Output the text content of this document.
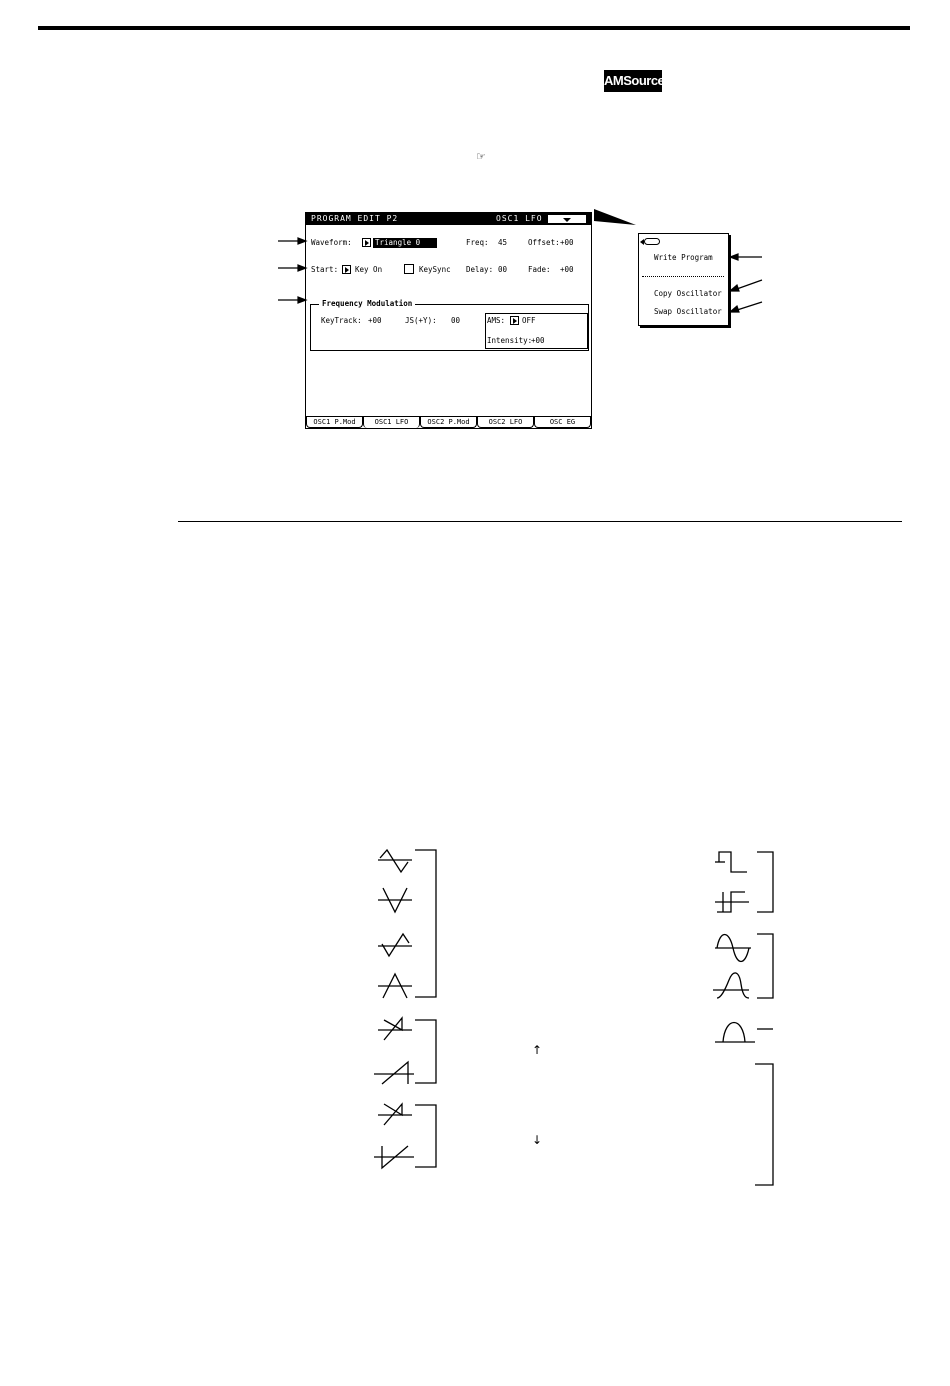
AMSource
☞
PROGRAM EDIT P2	OSC1 LFO
Waveform:	Triangle 0	Freq: 45	Offset: +00
Start: Key On	KeySync Delay: 00	Fade: +00
Frequency Modulation
KeyTrack: +00	JS(+Y): 00	AMS: OFF
Intensity:
+00
OSC1 P.Mod	OSC1 LFO	OSC2 P.Mod	OSC2 LFO	OSC EG
Write Program
Copy Oscillator
Swap Oscillator
↑
↓
